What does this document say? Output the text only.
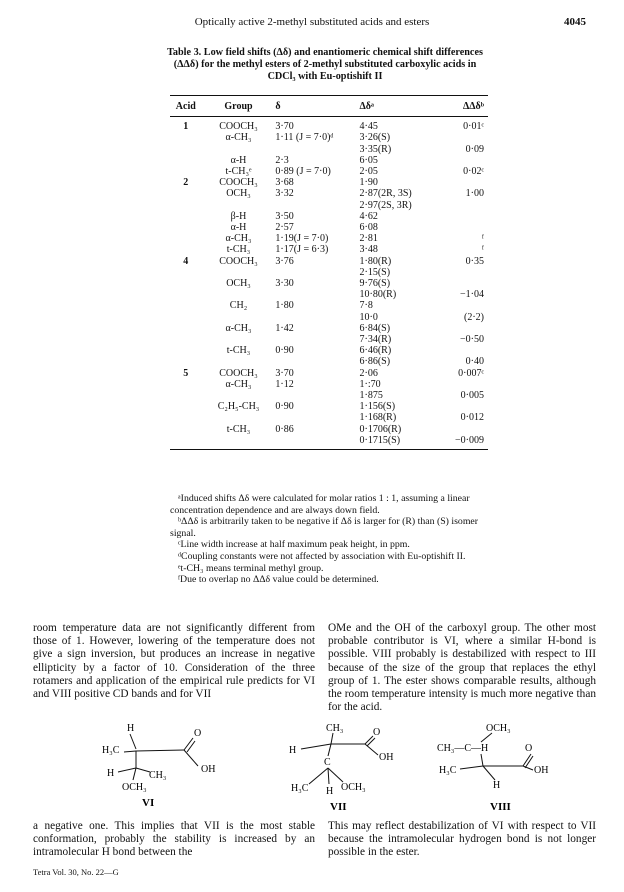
Optically active 2-methyl substituted acids and esters	4045
Table 3. Low field shifts (Δδ) and enantiomeric chemical shift differences (ΔΔδ) for the methyl esters of 2-methyl substituted carboxylic acids in CDCl₃ with Eu-optishift II
Acid	Group	δ	Δδᵃ	ΔΔδᵇ
1	COOCH₃	3·70	4·45	0·01ᶜ
	α-CH₃	1·11 (J = 7·0)ᵈ	3·26(S)	
			3·35(R)	0·09
	α-H	2·3	6·05	
	t-CH₃ᵉ	0·89 (J = 7·0)	2·05	0·02ᶜ
2	COOCH₃	3·68	1·90	
	OCH₃	3·32	2·87(2R, 3S)	1·00
			2·97(2S, 3R)	
	β-H	3·50	4·62	
	α-H	2·57	6·08	
	α-CH₃	1·19(J = 7·0)	2·81	ᶠ
	t-CH₃	1·17(J = 6·3)	3·48	ᶠ
4	COOCH₃	3·76	1·80(R)	0·35
			2·15(S)	
	OCH₃	3·30	9·76(S)	
			10·80(R)	−1·04
	CH₂	1·80	7·8	
			10·0	(2·2)
	α-CH₃	1·42	6·84(S)	
			7·34(R)	−0·50
	t-CH₃	0·90	6·46(R)	
			6·86(S)	0·40
5	COOCH₃	3·70	2·06	0·007ᶜ
	α-CH₃	1·12	1·:70	
			1·875	0·005
	C₂H₅-CH₃	0·90	1·156(S)	
			1·168(R)	0·012
	t-CH₃	0·86	0·1706(R)	
			0·1715(S)	−0·009

ᵃInduced shifts Δδ were calculated for molar ratios 1 : 1, assuming a linear concentration dependence and are always down field.

ᵇΔΔδ is arbitrarily taken to be negative if Δδ is larger for (R) than (S) isomer signal.

ᶜLine width increase at half maximum peak height, in ppm.

ᵈCoupling constants were not affected by association with Eu-optishift II.

ᵉt-CH₃ means terminal methyl group.

ᶠDue to overlap no ΔΔδ value could be determined.

room temperature data are not significantly different from those of 1. However, lowering of the temperature does not give a sign inversion, but produces an increase in negative ellipticity by a factor of 10. Consideration of the three rotamers and application of the empirical rule predicts for VI and VIII positive CD bands and for VII
OMe and the OH of the carboxyl group. The other most probable contributor is VI, where a similar H-bond is possible. VIII probably is destabilized with respect to III because of the size of the group that replaces the ethyl group of 1. The ester shows comparable results, although the room temperature intensity is much more negative than for the acid.
H
H₃C
O
OH
H	CH₃
OCH₃
VI
CH₃	O
H
OH
C
H₃C H OCH₃
VII
OCH₃
CH₃—C—H	O
H₃C	OH
H
VIII
a negative one. This implies that VII is the most stable conformation, probably the stability is increased by an intramolecular H bond between the
This may reflect destabilization of VI with respect to VII because the intramolecular hydrogen bond is not longer possible in the ester.
Tetra Vol. 30, No. 22—G
